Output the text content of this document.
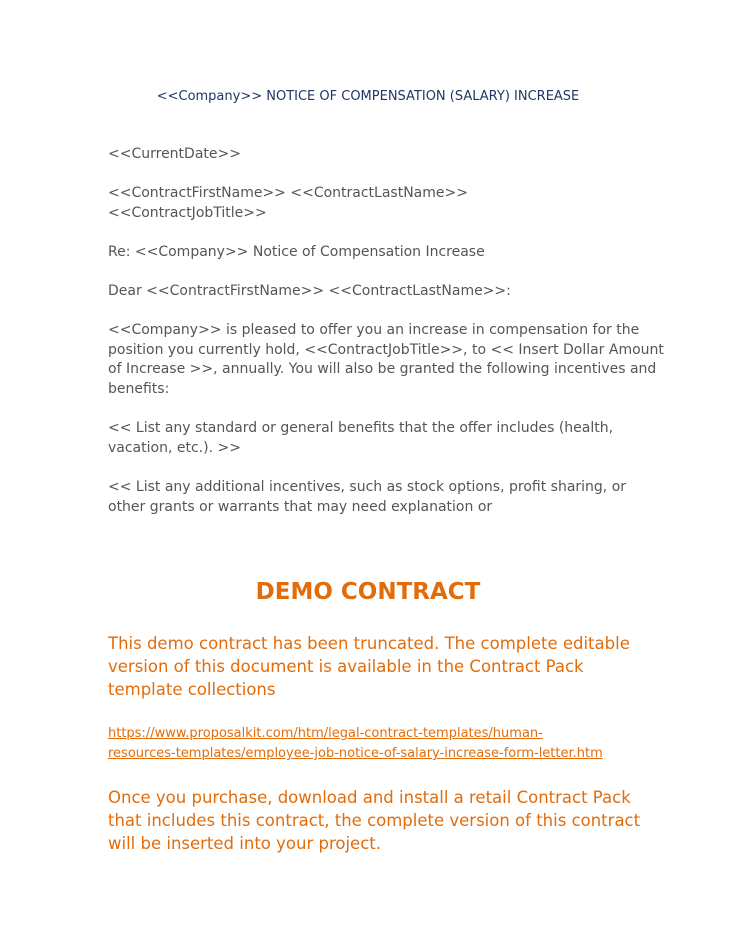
<<Company>> NOTICE OF COMPENSATION (SALARY) INCREASE
<<CurrentDate>>
<<ContractFirstName>> <<ContractLastName>>
<<ContractJobTitle>>
Re: <<Company>> Notice of Compensation Increase
Dear <<ContractFirstName>> <<ContractLastName>>:
<<Company>> is pleased to offer you an increase in compensation for the
position you currently hold, <<ContractJobTitle>>, to << Insert Dollar Amount
of Increase >>, annually. You will also be granted the following incentives and
benefits:
<< List any standard or general benefits that the offer includes (health,
vacation, etc.). >>
<< List any additional incentives, such as stock options, profit sharing, or
other grants or warrants that may need explanation or
DEMO CONTRACT
This demo contract has been truncated. The complete editable
version of this document is available in the Contract Pack
template collections
https://www.proposalkit.com/htm/legal-contract-templates/human-
resources-templates/employee-job-notice-of-salary-increase-form-letter.htm
Once you purchase, download and install a retail Contract Pack
that includes this contract, the complete version of this contract
will be inserted into your project.
